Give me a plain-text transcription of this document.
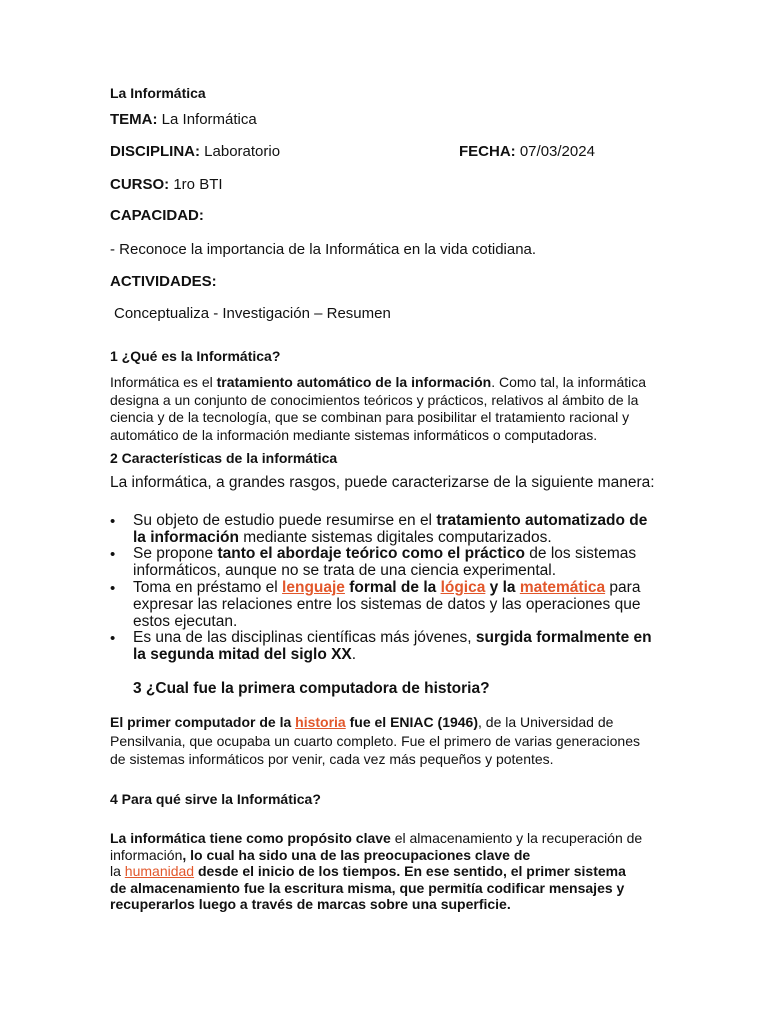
La Informática
TEMA: La Informática
DISCIPLINA: Laboratorio	FECHA: 07/03/2024
CURSO: 1ro BTI
CAPACIDAD:
- Reconoce la importancia de la Informática en la vida cotidiana.
ACTIVIDADES:
Conceptualiza - Investigación – Resumen
1 ¿Qué es la Informática?
Informática es el tratamiento automático de la información. Como tal, la informática
designa a un conjunto de conocimientos teóricos y prácticos, relativos al ámbito de la
ciencia y de la tecnología, que se combinan para posibilitar el tratamiento racional y
automático de la información mediante sistemas informáticos o computadoras.
2 Características de la informática
La informática, a grandes rasgos, puede caracterizarse de la siguiente manera:
• Su objeto de estudio puede resumirse en el tratamiento automatizado de
la información mediante sistemas digitales computarizados.
• Se propone tanto el abordaje teórico como el práctico de los sistemas
informáticos, aunque no se trata de una ciencia experimental.
• Toma en préstamo el lenguaje formal de la lógica y la matemática para
expresar las relaciones entre los sistemas de datos y las operaciones que
estos ejecutan.
• Es una de las disciplinas científicas más jóvenes, surgida formalmente en
la segunda mitad del siglo XX.
3 ¿Cual fue la primera computadora de historia?
El primer computador de la historia fue el ENIAC (1946), de la Universidad de
Pensilvania, que ocupaba un cuarto completo. Fue el primero de varias generaciones
de sistemas informáticos por venir, cada vez más pequeños y potentes.
4 Para qué sirve la Informática?
La informática tiene como propósito clave el almacenamiento y la recuperación de
información, lo cual ha sido una de las preocupaciones clave de
la humanidad desde el inicio de los tiempos. En ese sentido, el primer sistema
de almacenamiento fue la escritura misma, que permitía codificar mensajes y
recuperarlos luego a través de marcas sobre una superficie.
